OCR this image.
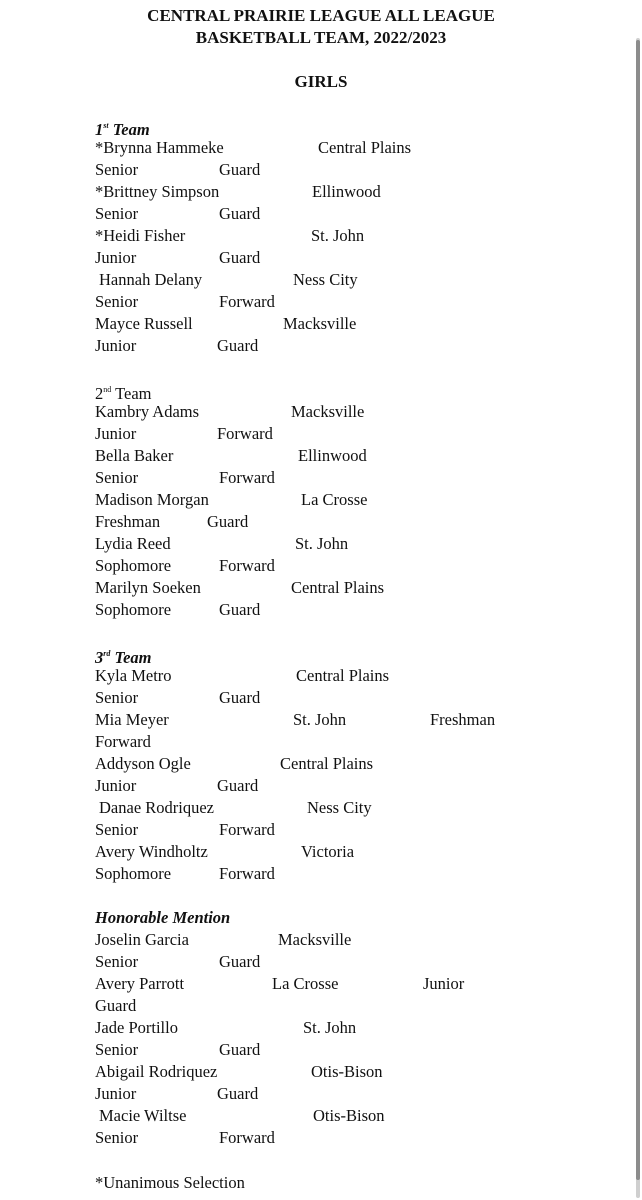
CENTRAL PRAIRIE LEAGUE ALL LEAGUE
BASKETBALL TEAM, 2022/2023
GIRLS
1st Team
*Brynna Hammeke	Central Plains
Senior	Guard
*Brittney Simpson	Ellinwood
Senior	Guard
*Heidi Fisher	St. John
Junior	Guard
Hannah Delany	Ness City
Senior	Forward
Mayce Russell	Macksville
Junior	Guard
2nd Team
Kambry Adams	Macksville
Junior	Forward
Bella Baker	Ellinwood
Senior	Forward
Madison Morgan	La Crosse
Freshman	Guard
Lydia Reed	St. John
Sophomore	Forward
Marilyn Soeken	Central Plains
Sophomore	Guard
3rd Team
Kyla Metro	Central Plains
Senior	Guard
Mia Meyer	St. John	Freshman
Forward
Addyson Ogle	Central Plains
Junior	Guard
Danae Rodriquez	Ness City
Senior	Forward
Avery Windholtz	Victoria
Sophomore	Forward
Honorable Mention
Joselin Garcia	Macksville
Senior	Guard
Avery Parrott	La Crosse	Junior
Guard
Jade Portillo	St. John
Senior	Guard
Abigail Rodriquez	Otis-Bison
Junior	Guard
Macie Wiltse	Otis-Bison
Senior	Forward
*Unanimous Selection
